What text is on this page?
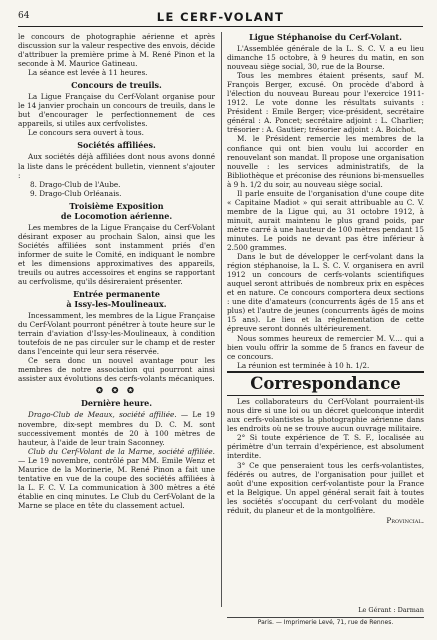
64	LE CERF-VOLANT

le concours de photographie aérienne et après discussion sur la valeur respective des envois, décide d'attribuer la première prime à M. René Pinon et la seconde à M. Maurice Gatineau.

La séance est levée à 11 heures.

Concours de treuils.

La Ligue Française du Cerf-Volant organise pour le 14 janvier prochain un concours de treuils, dans le but d'encourager le perfectionnement de ces appareils, si utiles aux cerfvolistes.

Le concours sera ouvert à tous.

Sociétés affiliées.

Aux sociétés déjà affiliées dont nous avons donné la liste dans le précédent bulletin, viennent s'ajouter :

8. Drago-Club de l'Aube.

9. Drago-Club Orléanais.

Troisième Exposition
de Locomotion aérienne.

Les membres de la Ligue Française du Cerf-Volant désirant exposer au prochain Salon, ainsi que les Sociétés affiliées sont instamment priés d'en informer de suite le Comité, en indiquant le nombre et les dimensions approximatives des appareils, treuils ou autres accessoires et engins se rapportant au cerfvolisme, qu'ils désireraient présenter.

Entrée permanente
à Issy-les-Moulineaux.

Incessamment, les membres de la Ligue Française du Cerf-Volant pourront pénétrer à toute heure sur le terrain d'aviation d'Issy-les-Moulineaux, à condition toutefois de ne pas circuler sur le champ et de rester dans l'enceinte qui leur sera réservée.

Ce sera donc un nouvel avantage pour les membres de notre association qui pourront ainsi assister aux évolutions des cerfs-volants mécaniques.

✪ ✪ ✪
Dernière heure.

Drago-Club de Meaux, société affiliée. — Le 19 novembre, dix-sept membres du D. C. M. sont successivement montés de 20 à 100 mètres de hauteur, à l'aide de leur train Saconney.

Club du Cerf-Volant de la Marne, société affiliée. — Le 19 novembre, contrôlé par MM. Emile Wenz et Maurice de la Morinerie, M. René Pinon a fait une tentative en vue de la coupe des sociétés affiliées à la L. F. C. V. La communication à 300 mètres a été établie en cinq minutes. Le Club du Cerf-Volant de la Marne se place en tête du classement actuel.

Ligue Stéphanoise du Cerf-Volant.

L'Assemblée générale de la L. S. C. V. a eu lieu dimanche 15 octobre, à 9 heures du matin, en son nouveau siège social, 30, rue de la Bourse.

Tous les membres étaient présents, sauf M. François Berger, excusé. On procède d'abord à l'élection du nouveau Bureau pour l'exercice 1911-1912. Le vote donne les résultats suivants : Président : Emile Berger; vice-président, secrétaire général : A. Poncet; secrétaire adjoint : L. Charlier; trésorier : A. Gautier; trésorier adjoint : A. Boichot.

M. le Président remercie les membres de la confiance qui ont bien voulu lui accorder en renouvelant son mandat. Il propose une organisation nouvelle : les services administratifs, de la Bibliothèque et préconise des réunions bi-mensuelles à 9 h. 1/2 du soir, au nouveau siège social.

Il parle ensuite de l'organisation d'une coupe dite « Capitaine Madiot » qui serait attribuable au C. V. membre de la Ligue qui, au 31 octobre 1912, à minuit, aurait maintenu le plus grand poids, par mètre carré à une hauteur de 100 mètres pendant 15 minutes. Le poids ne devant pas être inférieur à 2.500 grammes.

Dans le but de développer le cerf-volant dans la région stéphanoise, la L. S. C. V. organisera en avril 1912 un concours de cerfs-volants scientifiques auquel seront attribués de nombreux prix en espèces et en nature. Ce concours comportera deux sections : une dite d'amateurs (concurrents âgés de 15 ans et plus) et l'autre de jeunes (concurrents âgés de moins 15 ans). Le lieu et la réglementation de cette épreuve seront donnés ultérieurement.

Nous sommes heureux de remercier M. V.... qui a bien voulu offrir la somme de 5 francs en faveur de ce concours.

La réunion est terminée à 10 h. 1/2.

Correspondance

Les collaborateurs du Cerf-Volant pourraient-ils nous dire si une loi ou un décret quelconque interdit aux cerfs-volantistes la photographie aérienne dans les endroits où ne se trouve aucun ouvrage militaire.

2° Si toute expérience de T. S. F., localisée au périmètre d'un terrain d'expérience, est absolument interdite.

3° Ce que penseraient tous les cerfs-volantistes, fédérés ou autres, de l'organisation pour juillet et août d'une exposition cerf-volantiste pour la France et la Belgique. Un appel général serait fait à toutes les sociétés s'occupant du cerf-volant du modèle réduit, du planeur et de la montgolfière.

Provincial.
Le Gérant : Darman
Paris. — Imprimerie Levé, 71, rue de Rennes.
